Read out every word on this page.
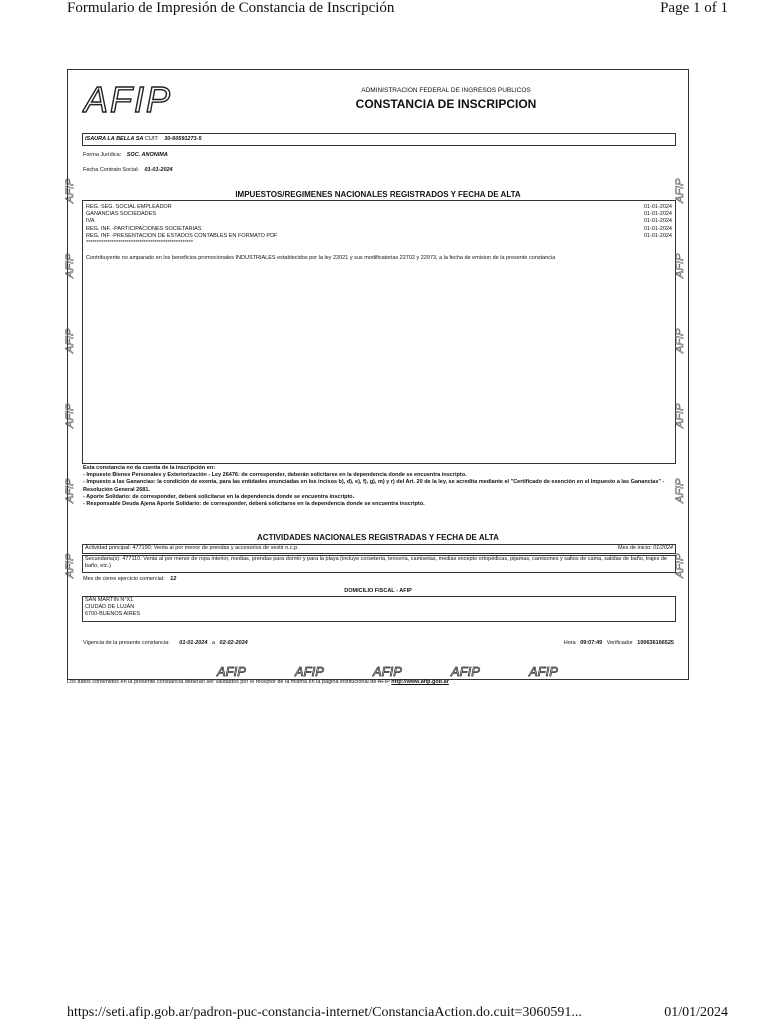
Formulario de Impresión de Constancia de Inscripción	Page 1 of 1
AFIP	ADMINISTRACION FEDERAL DE INGRESOS PUBLICOS
CONSTANCIA DE INSCRIPCION
ISAURA LA BELLA SA CUIT: 30-60591273-5
Forma Jurídica: SOC. ANONIMA
Fecha Contrato Social: 01-01-2024
IMPUESTOS/REGIMENES NACIONALES REGISTRADOS Y FECHA DE ALTA
REG. SEG. SOCIAL EMPLEADOR	01-01-2024
GANANCIAS SOCIEDADES	01-01-2024
IVA	01-01-2024
REG. INF. -PARTICIPACIONES SOCIETARIAS	01-01-2024
REG. INF -PRESENTACION DE ESTADOS CONTABLES EN FORMATO PDF	01-01-2024
**************************************************
Contribuyente no amparado en los beneficios promocionales INDUSTRIALES establecidos por la ley 22021 y sus modificatorias 22702 y 22973, a la fecha de emision de la presente constancia
Esta constancia no da cuenta de la inscripción en:
- Impuesto Bienes Personales y Exteriorización - Ley 26476: de corresponder, deberán solicitarse en la dependencia donde se encuentra inscripto.
- Impuesto a las Ganancias: la condición de exenta, para las entidades enunciadas en los incisos b), d), e), f), g), m) y r) del Art. 20 de la ley, se acredita mediante el "Certificado de exención en el Impuesto a las Ganancias" - Resolución General 2681.
- Aporte Solidario: de corresponder, deberá solicitarse en la dependencia donde se encuentra inscripto.
- Responsable Deuda Ajena Aporte Solidario: de corresponder, deberá solicitarse en la dependencia donde se encuentra inscripto.
ACTIVIDADES NACIONALES REGISTRADAS Y FECHA DE ALTA
Actividad principal: 477190: Venta al por menor de prendas y accesorios de vestir n.c.p.	Mes de inicio: 01/2024
Secundaria(s): 477110: Venta al por menor de ropa interior, medias, prendas para dormir y para la playa (incluye corsetería, lencería, camisetas, medias excepto ortopédicas, pijamas, camisones y saltos de cama, salidas de baño, trajes de baño, etc.)
Mes de cierre ejercicio comercial: 12
DOMICILIO FISCAL - AFIP
SAN MARTIN N°X1
CIUDAD DE LUJÁN
6700-BUENOS AIRES
Vigencia de la presente constancia: 01-01-2024 a 02-02-2024	Hora 09:07:49 Verificador 100636166525
AFIP	AFIP	AFIP	AFIP	AFIP
AFIP
AFIP
AFIP
AFIP
AFIP
AFIP
AFIP
AFIP
AFIP
AFIP
AFIP
AFIP
Los datos contenidos en la presente constancia deberán ser validados por el receptor de la misma en la página institucional de AFIP http://www.afip.gob.ar
https://seti.afip.gob.ar/padron-puc-constancia-internet/ConstanciaAction.do.cuit=3060591...	01/01/2024
